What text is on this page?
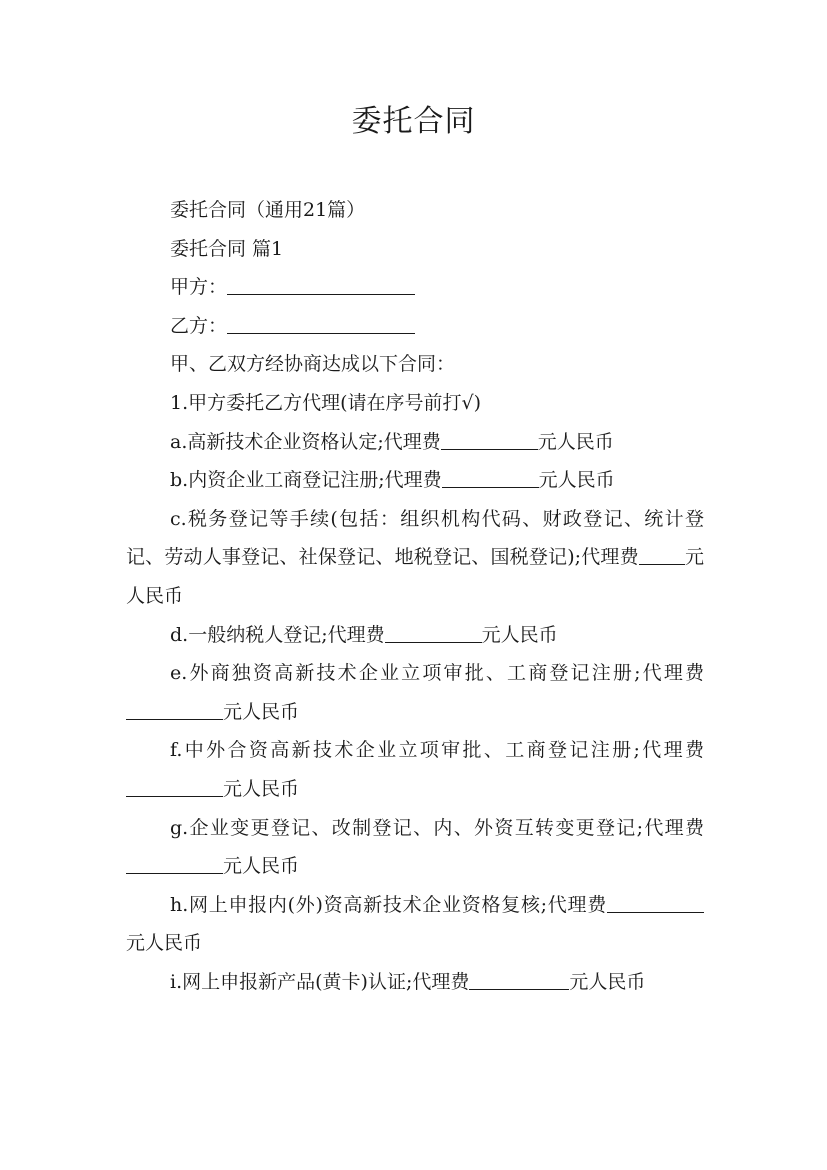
委托合同

委托合同（通用21篇）

委托合同 篇1

甲方：

乙方：

甲、乙双方经协商达成以下合同：

1.甲方委托乙方代理(请在序号前打√)

a.高新技术企业资格认定;代理费	元人民币

b.内资企业工商登记注册;代理费	元人民币

c.税务登记等手续(包括：组织机构代码、财政登记、统计登记、劳动人事登记、社保登记、地税登记、国税登记);代理费 元人民币

d.一般纳税人登记;代理费	元人民币

e.外商独资高新技术企业立项审批、工商登记注册;代理费元人民币

f.中外合资高新技术企业立项审批、工商登记注册;代理费元人民币

g.企业变更登记、改制登记、内、外资互转变更登记;代理费元人民币

h.网上申报内(外)资高新技术企业资格复核;代理费元人民币

i.网上申报新产品(黄卡)认证;代理费	元人民币
